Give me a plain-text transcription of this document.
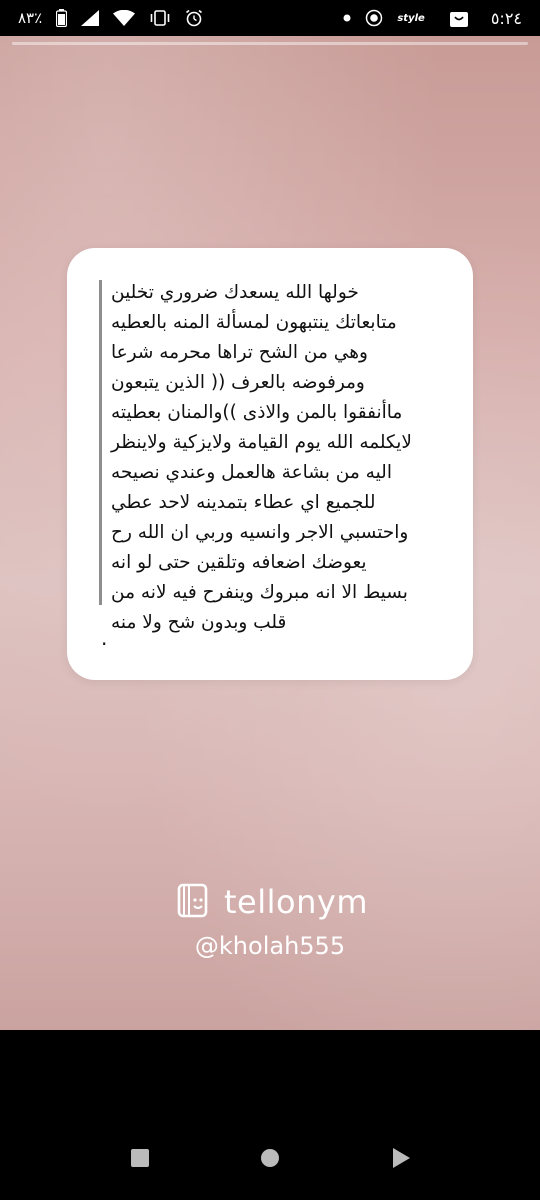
٪٨٣	style	٥:٢٤
خولها الله يسعدك ضروري تخلين
متابعاتك ينتبهون لمسألة المنه بالعطيه
وهي من الشح تراها محرمه شرعا
ومرفوضه بالعرف (( الذين يتبعون
ماأنفقوا بالمن والاذى ))والمنان بعطيته
لايكلمه الله يوم القيامة ولايزكية ولاينظر
اليه من بشاعة هالعمل وعندي نصيحه
للجميع اي عطاء بتمدينه لاحد عطي
واحتسبي الاجر وانسيه وربي ان الله رح
يعوضك اضعافه وتلقين حتى لو انه
بسيط الا انه مبروك وينفرح فيه لانه من
قلب وبدون شح ولا منه
.
tellonym
@kholah555
